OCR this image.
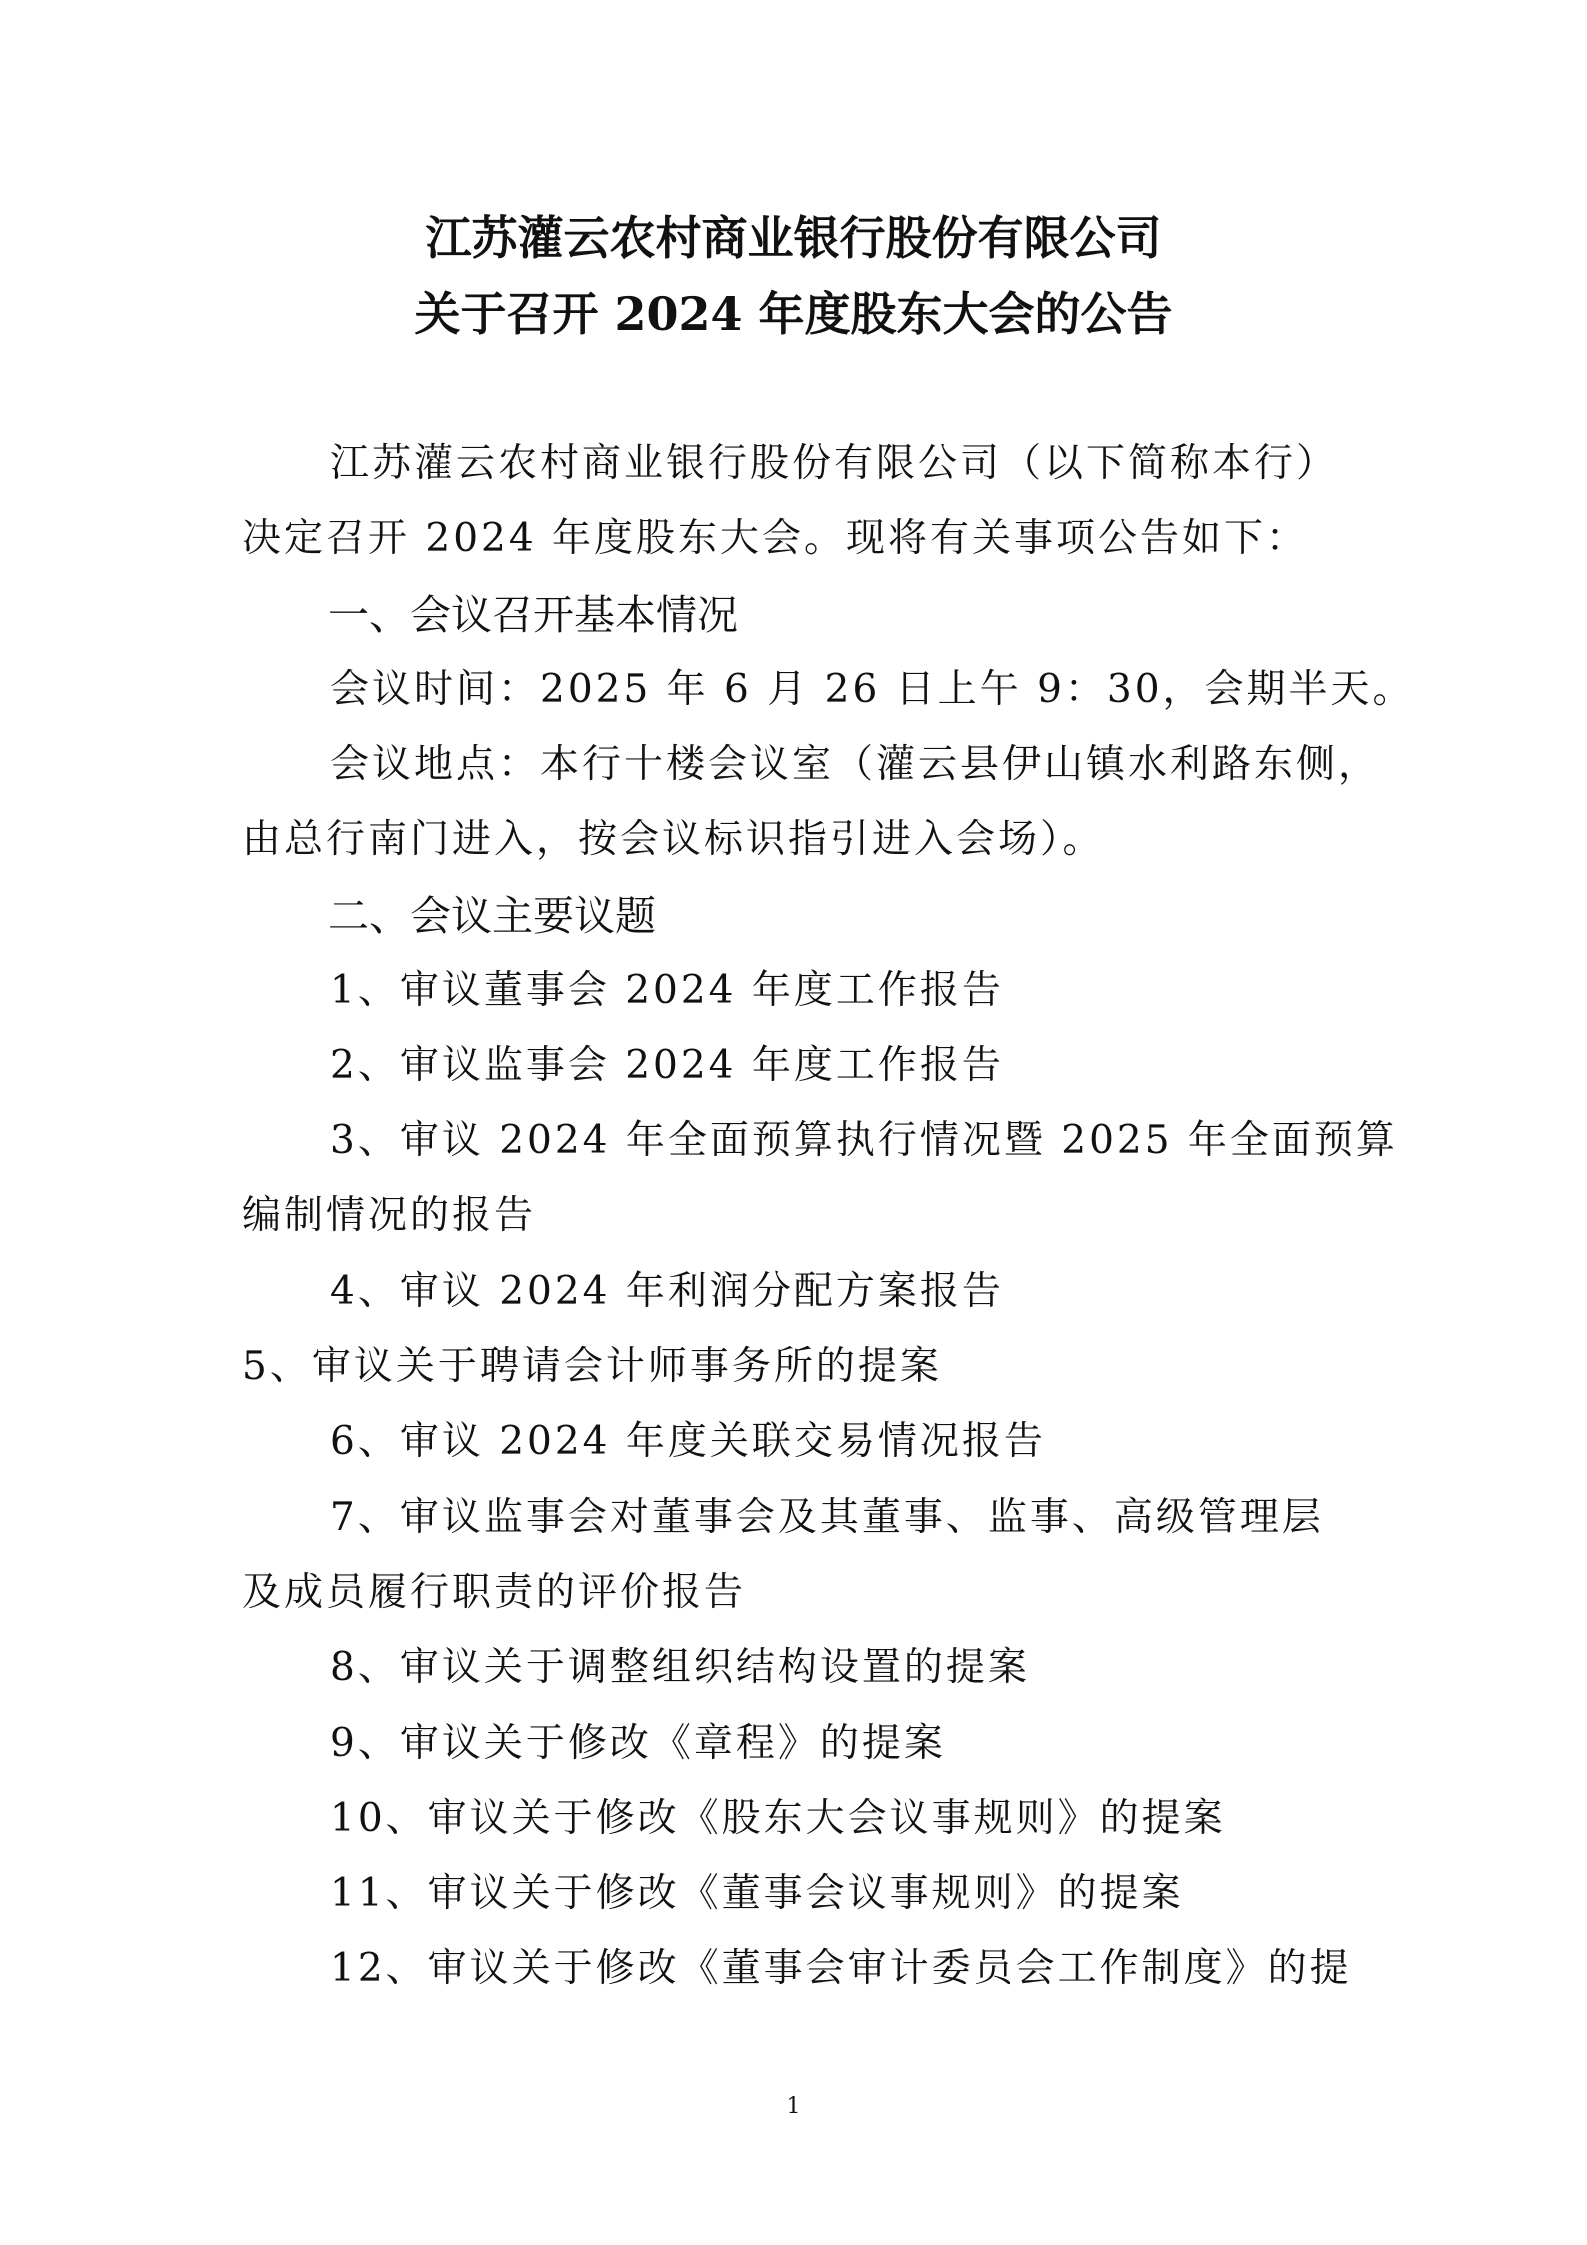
江苏灌云农村商业银行股份有限公司
关于召开 2024 年度股东大会的公告
江苏灌云农村商业银行股份有限公司（以下简称本行）
决定召开 2024 年度股东大会。现将有关事项公告如下：
一、会议召开基本情况
会议时间：2025 年 6 月 26 日上午 9：30，会期半天。
会议地点：本行十楼会议室（灌云县伊山镇水利路东侧，
由总行南门进入，按会议标识指引进入会场）。
二、会议主要议题
1、审议董事会 2024 年度工作报告
2、审议监事会 2024 年度工作报告
3、审议 2024 年全面预算执行情况暨 2025 年全面预算
编制情况的报告
4、审议 2024 年利润分配方案报告
5、审议关于聘请会计师事务所的提案
6、审议 2024 年度关联交易情况报告
7、审议监事会对董事会及其董事、监事、高级管理层
及成员履行职责的评价报告
8、审议关于调整组织结构设置的提案
9、审议关于修改《章程》的提案
10、审议关于修改《股东大会议事规则》的提案
11、审议关于修改《董事会议事规则》的提案
12、审议关于修改《董事会审计委员会工作制度》的提
1
